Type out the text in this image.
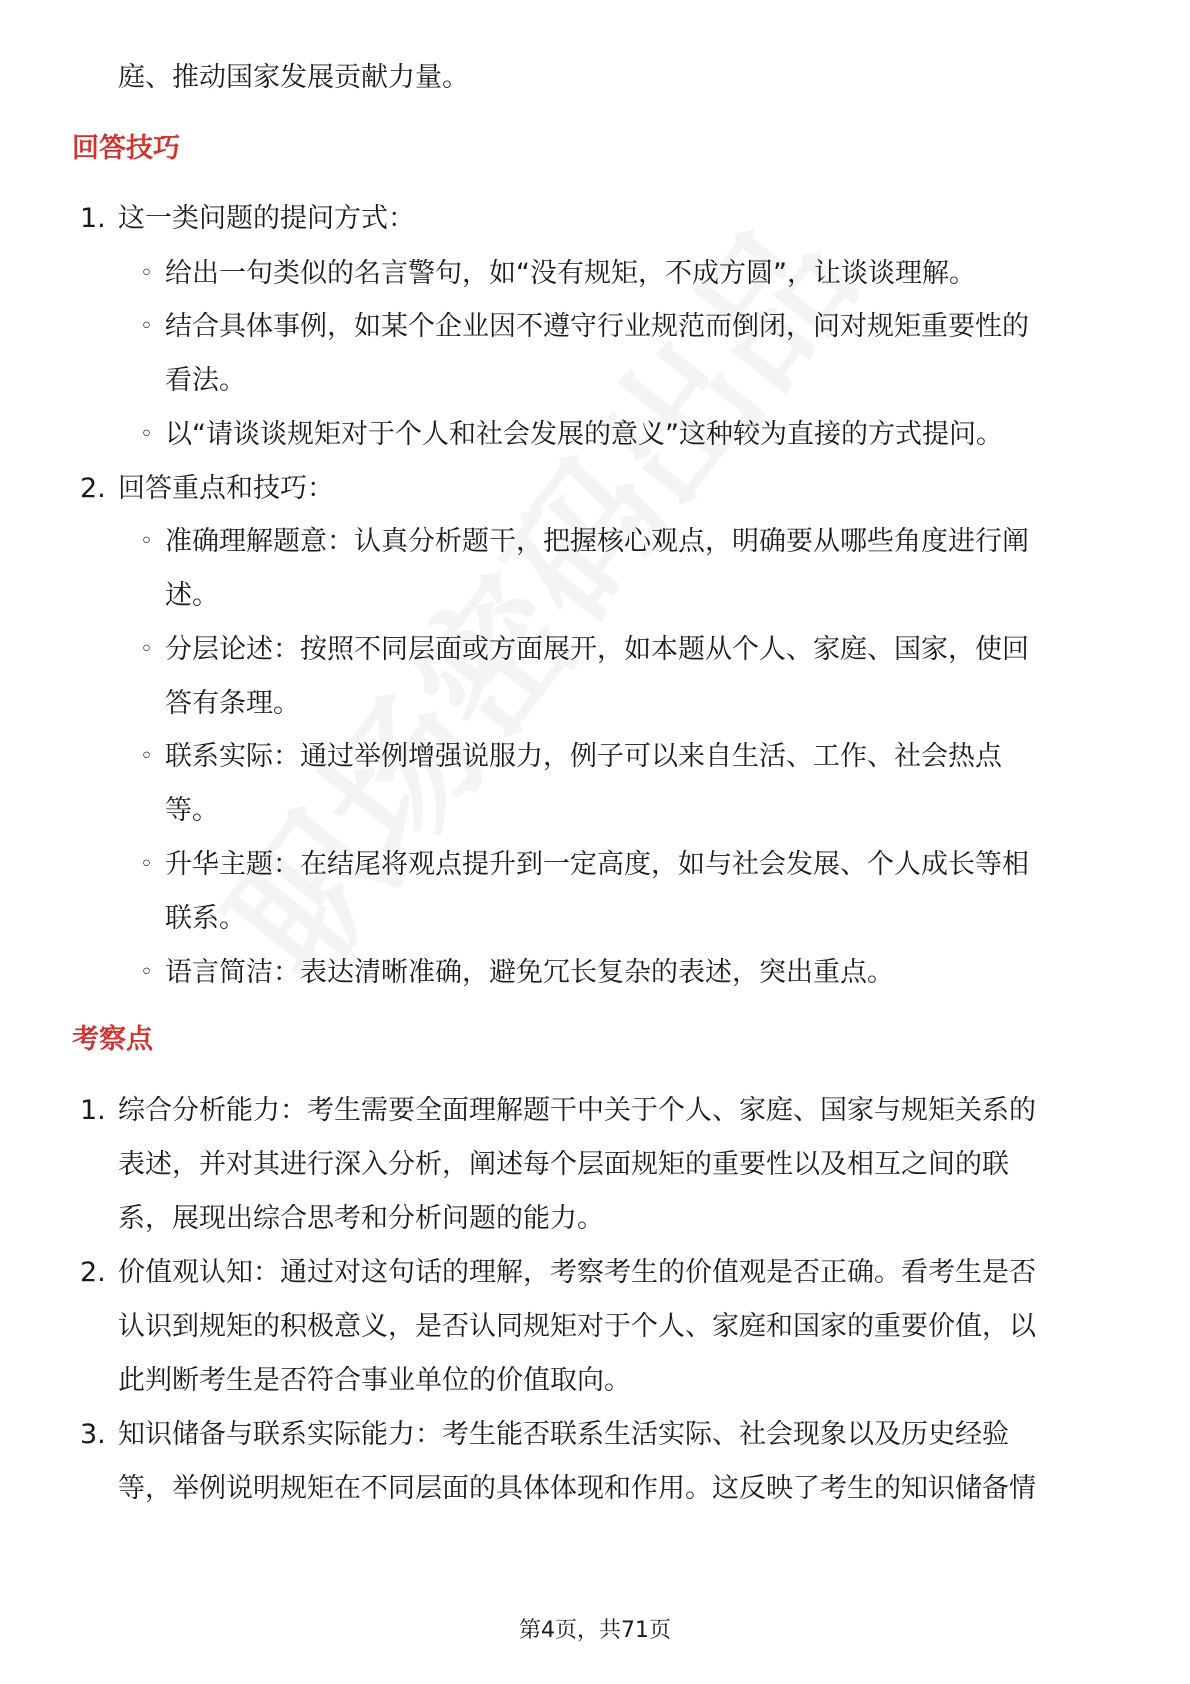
庭、推动国家发展贡献力量。
回答技巧
1. 这一类问题的提问方式：
◦ 给出一句类似的名言警句，如“没有规矩，不成方圆”，让谈谈理解。
◦ 结合具体事例，如某个企业因不遵守行业规范而倒闭，问对规矩重要性的
看法。
◦ 以“请谈谈规矩对于个人和社会发展的意义”这种较为直接的方式提问。
2. 回答重点和技巧：
◦ 准确理解题意：认真分析题干，把握核心观点，明确要从哪些角度进行阐
述。
◦ 分层论述：按照不同层面或方面展开，如本题从个人、家庭、国家，使回
答有条理。
◦ 联系实际：通过举例增强说服力，例子可以来自生活、工作、社会热点
等。
◦ 升华主题：在结尾将观点提升到一定高度，如与社会发展、个人成长等相
联系。
◦ 语言简洁：表达清晰准确，避免冗长复杂的表述，突出重点。
考察点
1. 综合分析能力：考生需要全面理解题干中关于个人、家庭、国家与规矩关系的
表述，并对其进行深入分析，阐述每个层面规矩的重要性以及相互之间的联
系，展现出综合思考和分析问题的能力。
2. 价值观认知：通过对这句话的理解，考察考生的价值观是否正确。看考生是否
认识到规矩的积极意义，是否认同规矩对于个人、家庭和国家的重要价值，以
此判断考生是否符合事业单位的价值取向。
3. 知识储备与联系实际能力：考生能否联系生活实际、社会现象以及历史经验
等，举例说明规矩在不同层面的具体体现和作用。这反映了考生的知识储备情
第4页，共71页
